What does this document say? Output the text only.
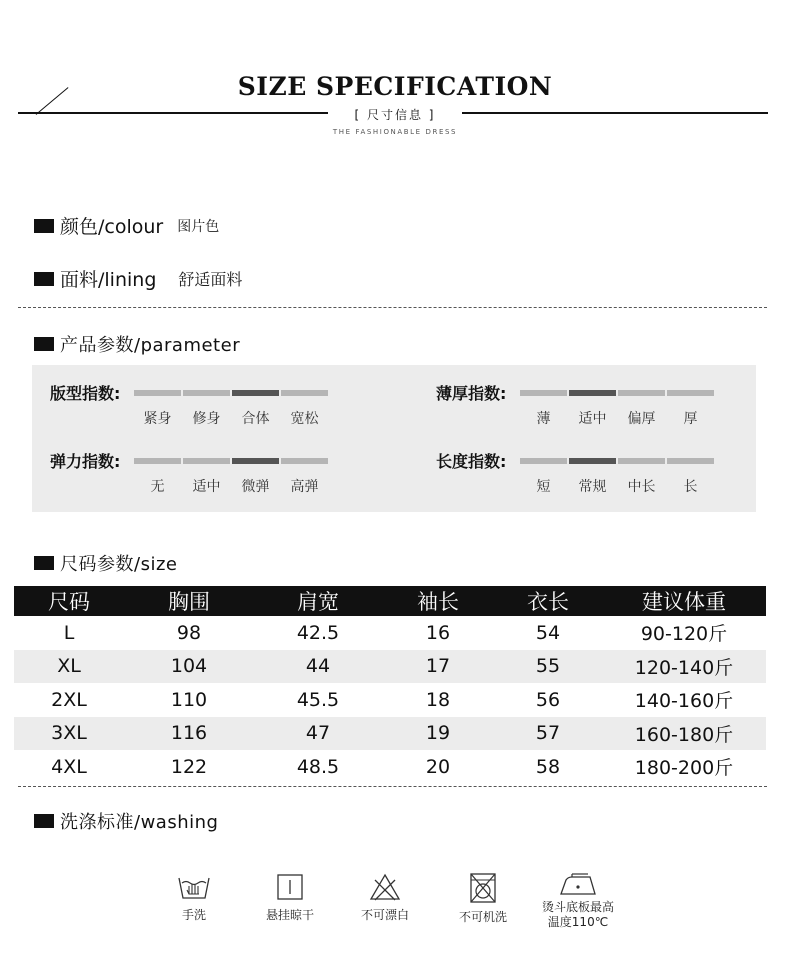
SIZE SPECIFICATION
[ 尺寸信息 ]
THE FASHIONABLE DRESS
颜色/colour 图片色
面料/lining 舒适面料
产品参数/parameter
版型指数:
紧身	修身	合体	宽松
薄厚指数:
薄	适中	偏厚	厚
弹力指数:
无	适中	微弹	高弹
长度指数:
短	常规	中长	长
尺码参数/size
尺码	胸围	肩宽	袖长	衣长	建议体重
L	98	42.5	16	54	90-120斤
XL	104	44	17	55	120-140斤
2XL	110	45.5	18	56	140-160斤
3XL	116	47	19	57	160-180斤
4XL	122	48.5	20	58	180-200斤
洗涤标准/washing
手洗	悬挂晾干	不可漂白	不可机洗
烫斗底板最高
温度110℃
